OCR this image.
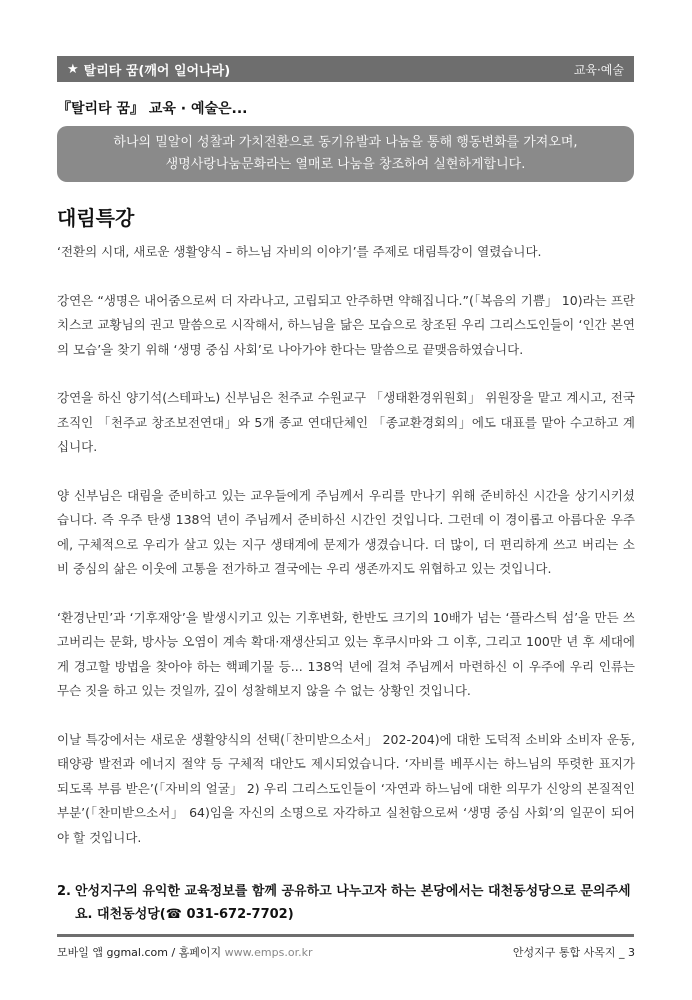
★ 탈리타 꿈(깨어 일어나라)	교육·예술
『탈리타 꿈』 교육 · 예술은...
하나의 밀알이 성찰과 가치전환으로 동기유발과 나눔을 통해 행동변화를 가져오며,
생명사랑나눔문화라는 열매로 나눔을 창조하여 실현하게합니다.
대림특강

‘전환의 시대, 새로운 생활양식 – 하느님 자비의 이야기’를 주제로 대림특강이 열렸습니다.

강연은 “생명은 내어줌으로써 더 자라나고, 고립되고 안주하면 약해집니다.”(「복음의 기쁨」 10)라는 프란치스코 교황님의 권고 말씀으로 시작해서, 하느님을 닮은 모습으로 창조된 우리 그리스도인들이 ‘인간 본연의 모습’을 찾기 위해 ‘생명 중심 사회’로 나아가야 한다는 말씀으로 끝맺음하였습니다.

강연을 하신 양기석(스테파노) 신부님은 천주교 수원교구 「생태환경위원회」 위원장을 맡고 계시고, 전국 조직인 「천주교 창조보전연대」와 5개 종교 연대단체인 「종교환경회의」에도 대표를 맡아 수고하고 계십니다.

양 신부님은 대림을 준비하고 있는 교우들에게 주님께서 우리를 만나기 위해 준비하신 시간을 상기시키셨습니다. 즉 우주 탄생 138억 년이 주님께서 준비하신 시간인 것입니다. 그런데 이 경이롭고 아름다운 우주에, 구체적으로 우리가 살고 있는 지구 생태계에 문제가 생겼습니다. 더 많이, 더 편리하게 쓰고 버리는 소비 중심의 삶은 이웃에 고통을 전가하고 결국에는 우리 생존까지도 위협하고 있는 것입니다.

‘환경난민’과 ‘기후재앙’을 발생시키고 있는 기후변화, 한반도 크기의 10배가 넘는 ‘플라스틱 섬’을 만든 쓰고버리는 문화, 방사능 오염이 계속 확대·재생산되고 있는 후쿠시마와 그 이후, 그리고 100만 년 후 세대에게 경고할 방법을 찾아야 하는 핵폐기물 등... 138억 년에 걸쳐 주님께서 마련하신 이 우주에 우리 인류는 무슨 짓을 하고 있는 것일까, 깊이 성찰해보지 않을 수 없는 상황인 것입니다.

이날 특강에서는 새로운 생활양식의 선택(「찬미받으소서」 202-204)에 대한 도덕적 소비와 소비자 운동, 태양광 발전과 에너지 절약 등 구체적 대안도 제시되었습니다. ‘자비를 베푸시는 하느님의 뚜렷한 표지가 되도록 부름 받은’(「자비의 얼굴」 2) 우리 그리스도인들이 ‘자연과 하느님에 대한 의무가 신앙의 본질적인 부분’(「찬미받으소서」 64)임을 자신의 소명으로 자각하고 실천함으로써 ‘생명 중심 사회’의 일꾼이 되어야 할 것입니다.

2. 안성지구의 유익한 교육정보를 함께 공유하고 나누고자 하는 본당에서는 대천동성당으로 문의주세요. 대천동성당(☎ 031-672-7702)
모바일 앱 ggmal.com / 홈페이지 www.emps.or.kr	안성지구 통합 사목지 _ 3
